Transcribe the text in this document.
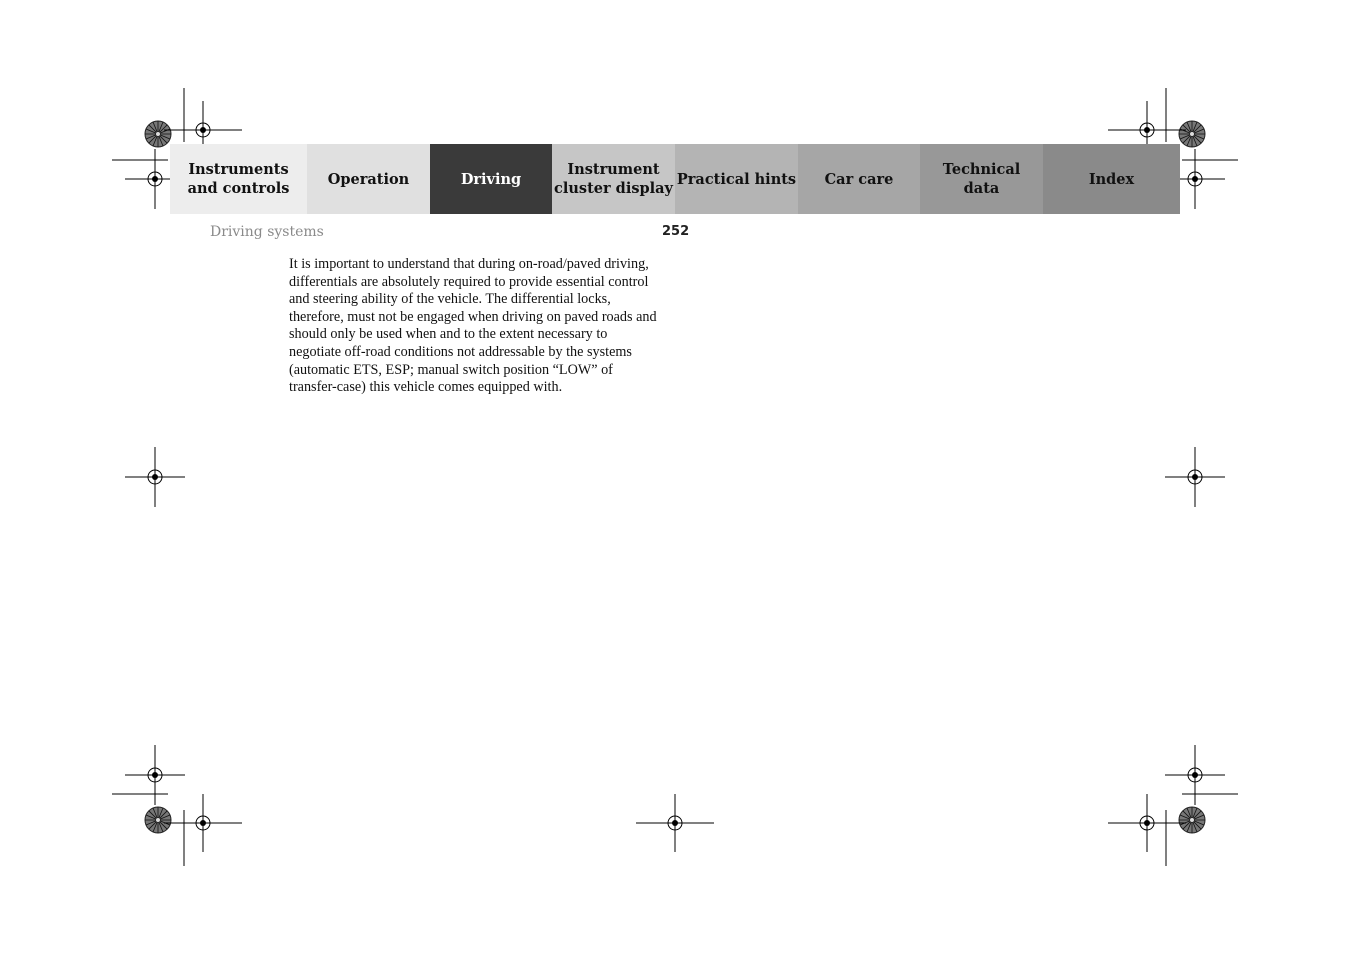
Instruments
and controls
Operation	Driving
Instrument
cluster display
Practical hints	Car care
Technical
data
Index
Driving systems	252

It is important to understand that during on-road/paved driving, differentials are absolutely required to provide essential control and steering ability of the vehicle. The differential locks, therefore, must not be engaged when driving on paved roads and should only be used when and to the extent necessary to negotiate off-road conditions not addressable by the systems (automatic ETS, ESP; manual switch position “LOW” of transfer-case) this vehicle comes equipped with.
